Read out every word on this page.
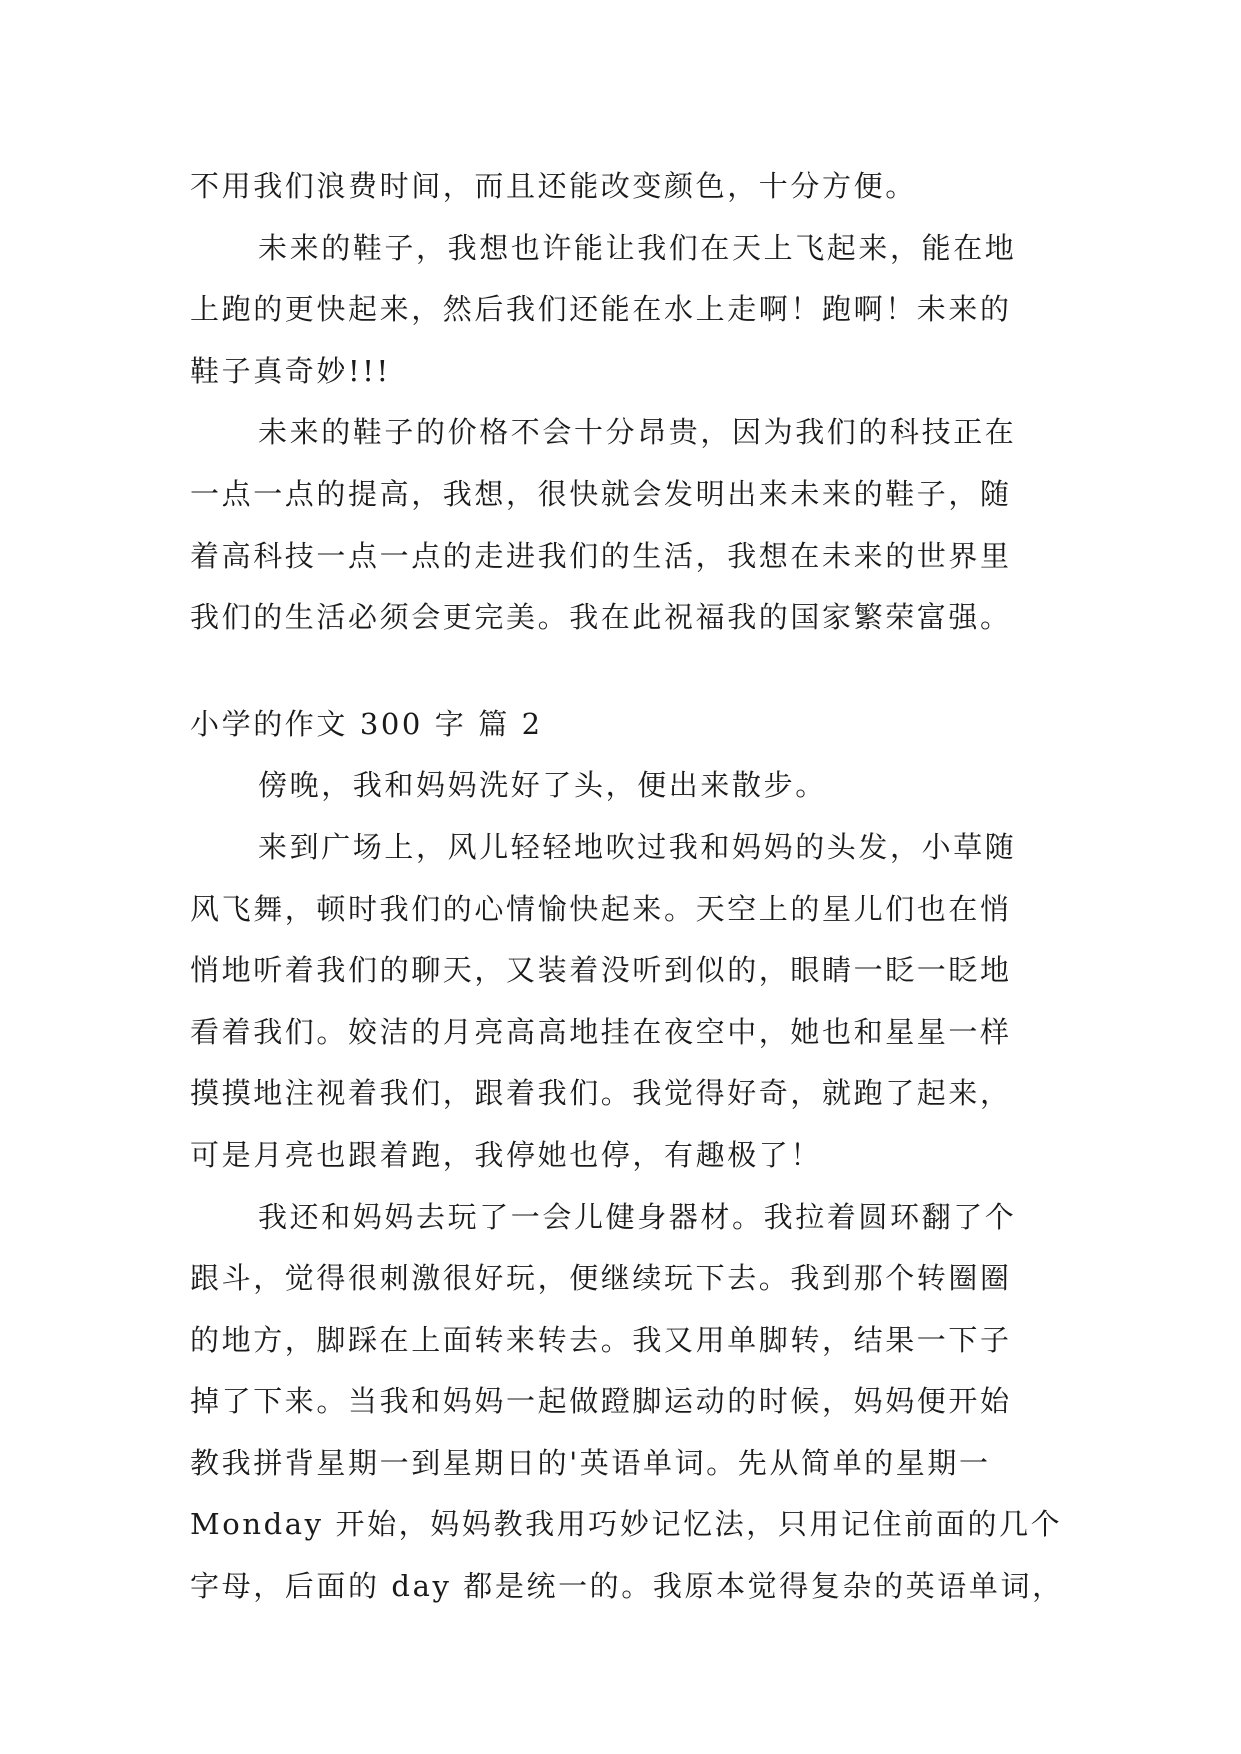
不用我们浪费时间，而且还能改变颜色，十分方便。
未来的鞋子，我想也许能让我们在天上飞起来，能在地
上跑的更快起来，然后我们还能在水上走啊！跑啊！未来的
鞋子真奇妙!!!
未来的鞋子的价格不会十分昂贵，因为我们的科技正在
一点一点的提高，我想，很快就会发明出来未来的鞋子，随
着高科技一点一点的走进我们的生活，我想在未来的世界里
我们的生活必须会更完美。我在此祝福我的国家繁荣富强。
小学的作文 300 字 篇 2
傍晚，我和妈妈洗好了头，便出来散步。
来到广场上，风儿轻轻地吹过我和妈妈的头发，小草随
风飞舞，顿时我们的心情愉快起来。天空上的星儿们也在悄
悄地听着我们的聊天，又装着没听到似的，眼睛一眨一眨地
看着我们。姣洁的月亮高高地挂在夜空中，她也和星星一样
摸摸地注视着我们，跟着我们。我觉得好奇，就跑了起来，
可是月亮也跟着跑，我停她也停，有趣极了！
我还和妈妈去玩了一会儿健身器材。我拉着圆环翻了个
跟斗，觉得很刺激很好玩，便继续玩下去。我到那个转圈圈
的地方，脚踩在上面转来转去。我又用单脚转，结果一下子
掉了下来。当我和妈妈一起做蹬脚运动的时候，妈妈便开始
教我拼背星期一到星期日的'英语单词。先从简单的星期一
Monday 开始，妈妈教我用巧妙记忆法，只用记住前面的几个
字母，后面的 day 都是统一的。我原本觉得复杂的英语单词，
